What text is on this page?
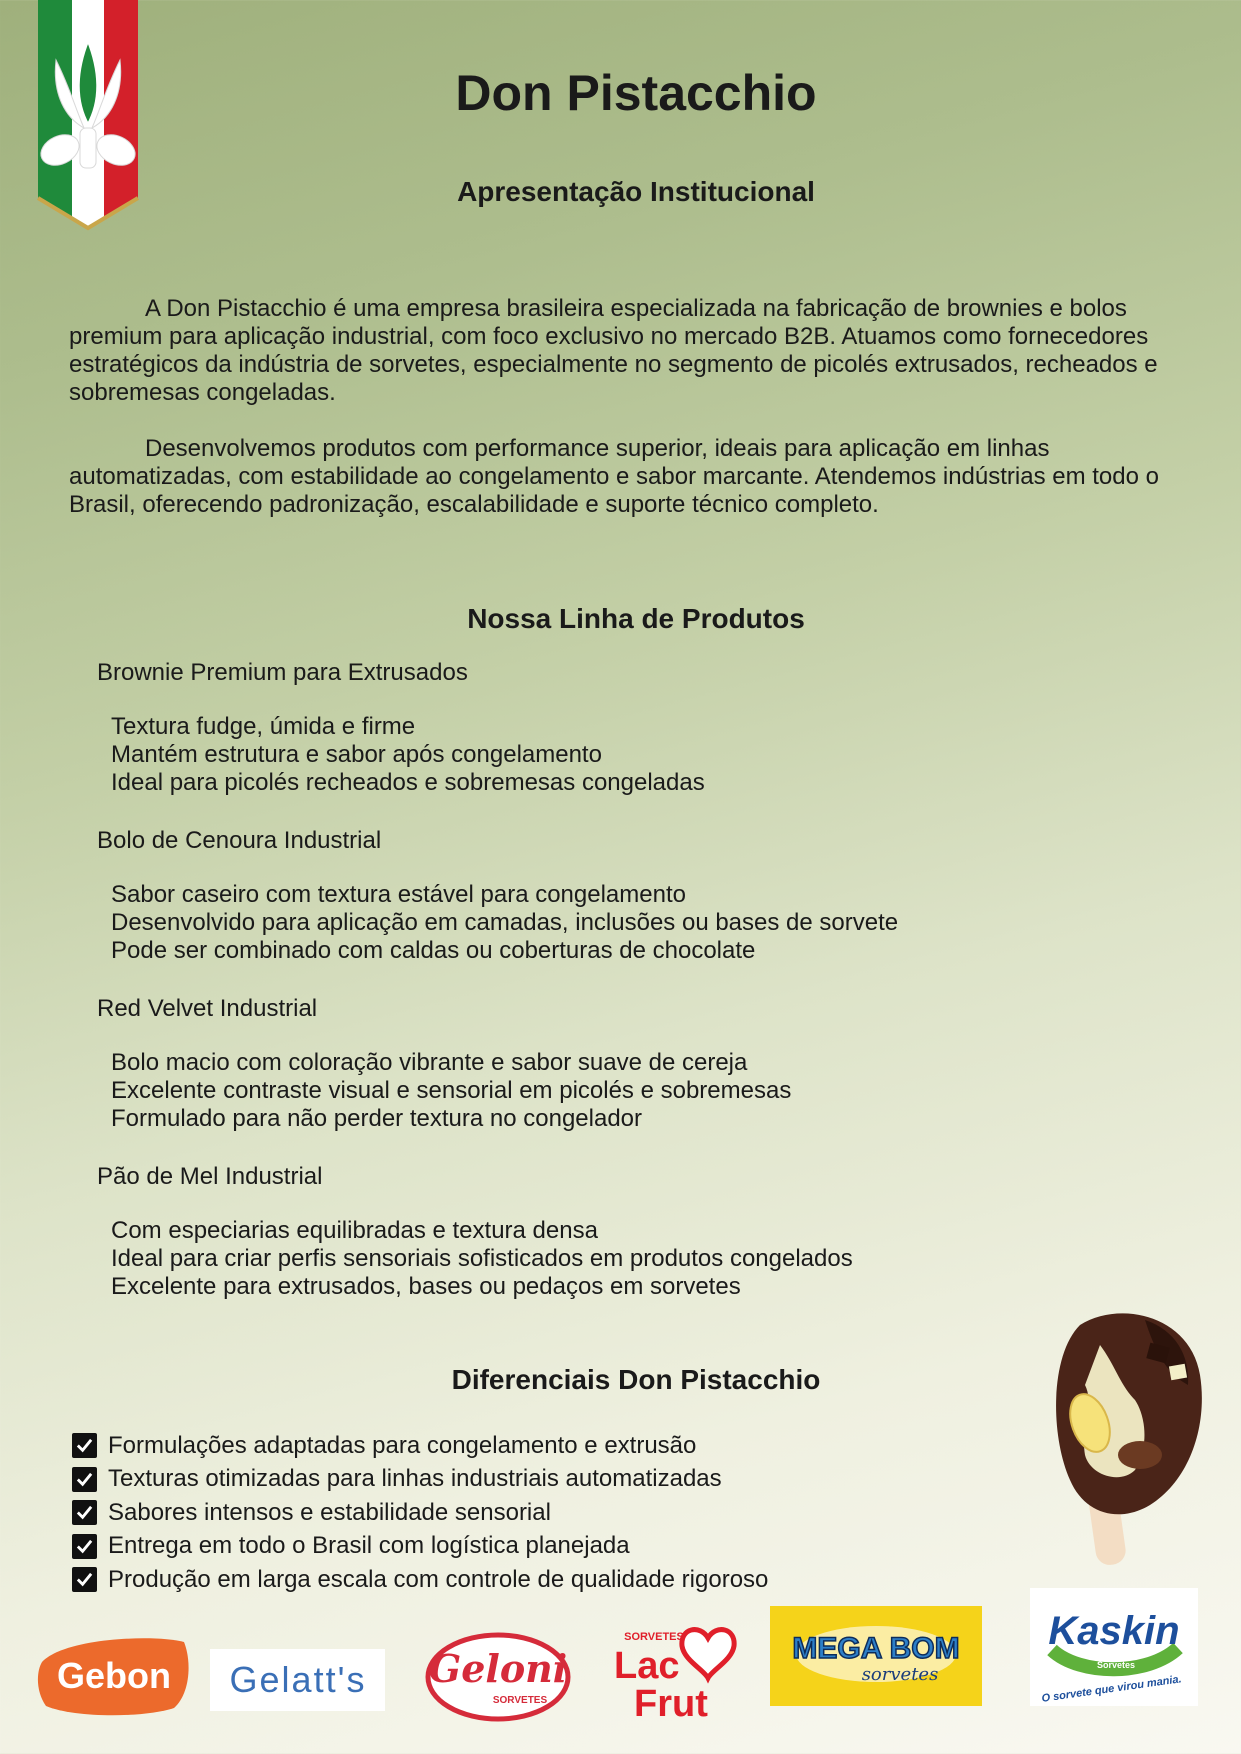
Don Pistacchio
Apresentação Institucional

A Don Pistacchio é uma empresa brasileira especializada na fabricação de brownies e bolos premium para aplicação industrial, com foco exclusivo no mercado B2B. Atuamos como fornecedores estratégicos da indústria de sorvetes, especialmente no segmento de picolés extrusados, recheados e sobremesas congeladas.

Desenvolvemos produtos com performance superior, ideais para aplicação em linhas automatizadas, com estabilidade ao congelamento e sabor marcante. Atendemos indústrias em todo o Brasil, oferecendo padronização, escalabilidade e suporte técnico completo.

Nossa Linha de Produtos
Brownie Premium para Extrusados
Textura fudge, úmida e firme
Mantém estrutura e sabor após congelamento
Ideal para picolés recheados e sobremesas congeladas
Bolo de Cenoura Industrial
Sabor caseiro com textura estável para congelamento
Desenvolvido para aplicação em camadas, inclusões ou bases de sorvete
Pode ser combinado com caldas ou coberturas de chocolate
Red Velvet Industrial
Bolo macio com coloração vibrante e sabor suave de cereja
Excelente contraste visual e sensorial em picolés e sobremesas
Formulado para não perder textura no congelador
Pão de Mel Industrial
Com especiarias equilibradas e textura densa
Ideal para criar perfis sensoriais sofisticados em produtos congelados
Excelente para extrusados, bases ou pedaços em sorvetes
Diferenciais Don Pistacchio
Formulações adaptadas para congelamento e extrusão
Texturas otimizadas para linhas industriais automatizadas
Sabores intensos e estabilidade sensorial
Entrega em todo o Brasil com logística planejada
Produção em larga escala com controle de qualidade rigoroso
Gebon Gelatt's Geloni
SORVETES
SORVETES
Lac
Frut
MEGA BOM
sorvetes
Kaskin
Sorvetes
O sorvete que virou mania.
